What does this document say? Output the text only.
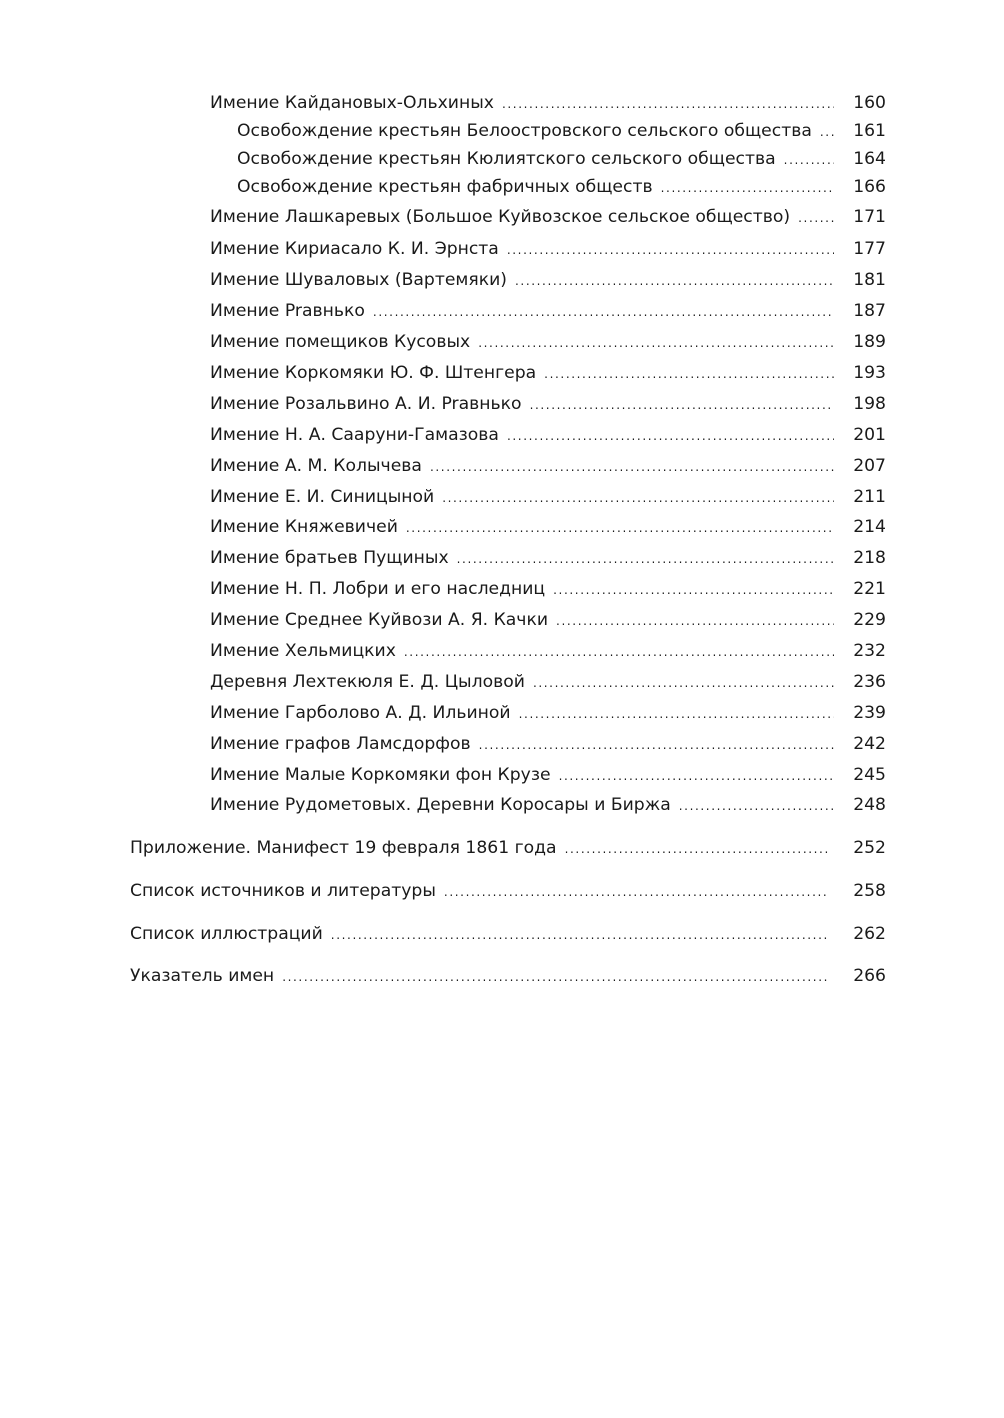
Имение Кайдановых-Ольхиных .....	160
Освобождение крестьян Белоостровского сельского общества .....	161
Освобождение крестьян Кюлиятского сельского общества .....	164
Освобождение крестьян фабричных обществ .....	166
Имение Лашкаревых (Большое Куйвозское сельское общество) .....	171
Имение Кириасало К. И. Эрнста .....	177
Имение Шуваловых (Вартемяки) .....	181
Имение Praвнько .....	187
Имение помещиков Кусовых .....	189
Имение Коркомяки Ю. Ф. Штенгера .....	193
Имение Розальвино А. И. Praвнько .....	198
Имение Н. А. Саaруни-Гамазова .....	201
Имение А. М. Колычева .....	207
Имение Е. И. Синицыной .....	211
Имение Княжевичей .....	214
Имение братьев Пущиных .....	218
Имение Н. П. Лобри и его наследниц .....	221
Имение Среднее Куйвози А. Я. Качки .....	229
Имение Хельмицких .....	232
Деревня Лехтекюля Е. Д. Цыловой .....	236
Имение Гарболово А. Д. Ильиной .....	239
Имение графов Ламсдорфов .....	242
Имение Малые Коркомяки фон Крузе .....	245
Имение Рудометовых. Деревни Коросары и Биржа .....	248
Приложение. Манифест 19 февраля 1861 года .....	252
Список источников и литературы .....	258
Список иллюстраций .....	262
Указатель имен .....	266
